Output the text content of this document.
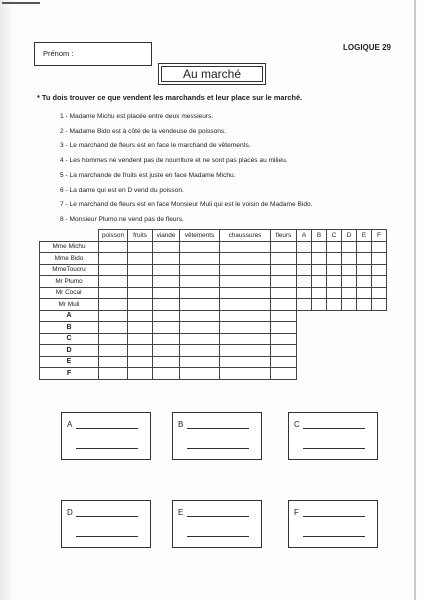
Prénom :
LOGIQUE 29
Au marché
* Tu dois trouver ce que vendent les marchands et leur place sur le marché.
1 - Madame Michu est placée entre deux messieurs.
2 - Madame Bido est à côté de la vendeuse de poissons.
3 - Le marchand de fleurs est en face le marchand de vêtements.
4 - Les hommes ne vendent pas de nourriture et ne sont pas placés au milieu.
5 - La marchande de fruits est juste en face Madame Michu.
6 - La dame qui est en D vend du poisson.
7 - Le marchand de fleurs est en face Monsieur Muli qui est le voisin de Madame Bido.
8 - Monsieur Plumo ne vend pas de fleurs.
	poisson	fruits	viande	vêtements	chaussures	fleurs	A	B	C	D	E	F
Mme Michu												
Mme Bido												
MmeToucru												
Mr Plumo												
Mr Cocar												
Mr Muli												
A												
B												
C												
D												
E												
F												
A	B	C
D	E	F
